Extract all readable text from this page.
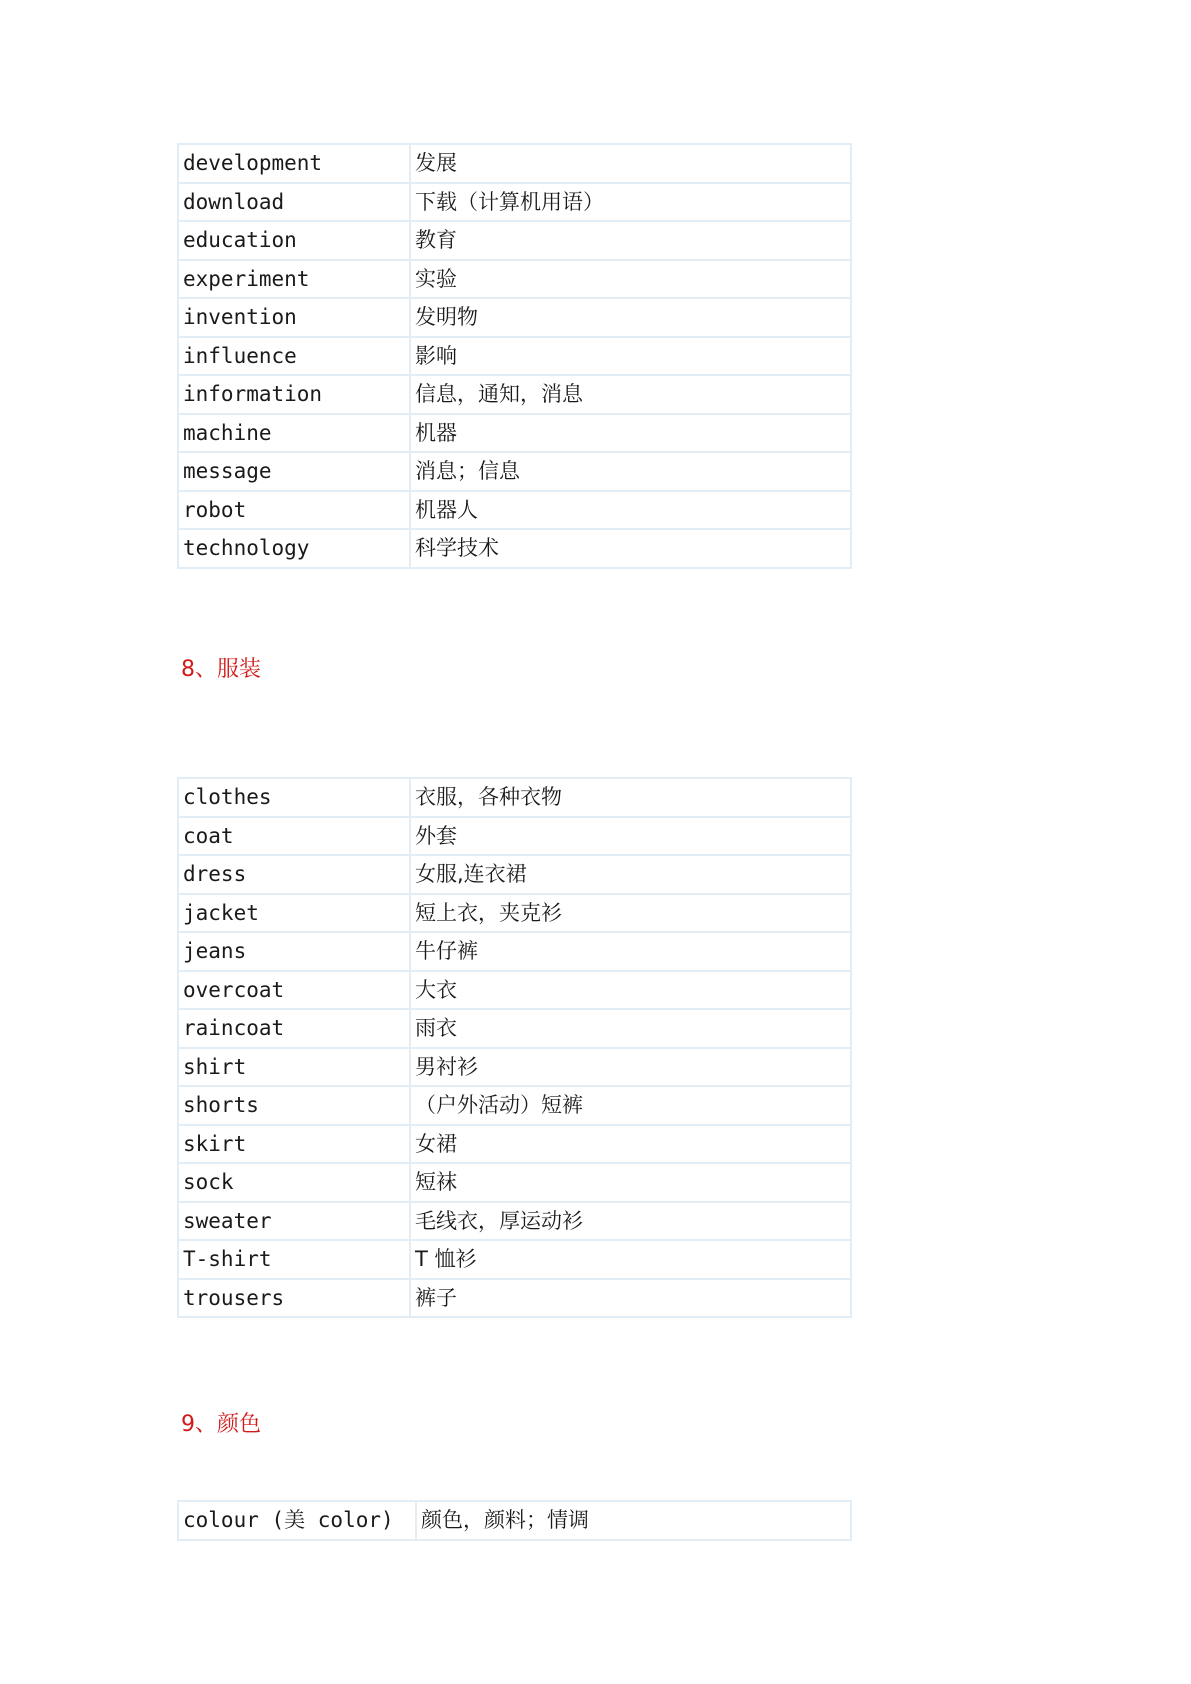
development	发展
download	下载（计算机用语）
education	教育
experiment	实验
invention	发明物
influence	影响
information	信息，通知，消息
machine	机器
message	消息；信息
robot	机器人
technology	科学技术
8、服装
clothes	衣服，各种衣物
coat	外套
dress	女服,连衣裙
jacket	短上衣，夹克衫
jeans	牛仔裤
overcoat	大衣
raincoat	雨衣
shirt	男衬衫
shorts	（户外活动）短裤
skirt	女裙
sock	短袜
sweater	毛线衣，厚运动衫
T-shirt	T 恤衫
trousers	裤子
9、颜色
colour (美 color)	颜色，颜料；情调
